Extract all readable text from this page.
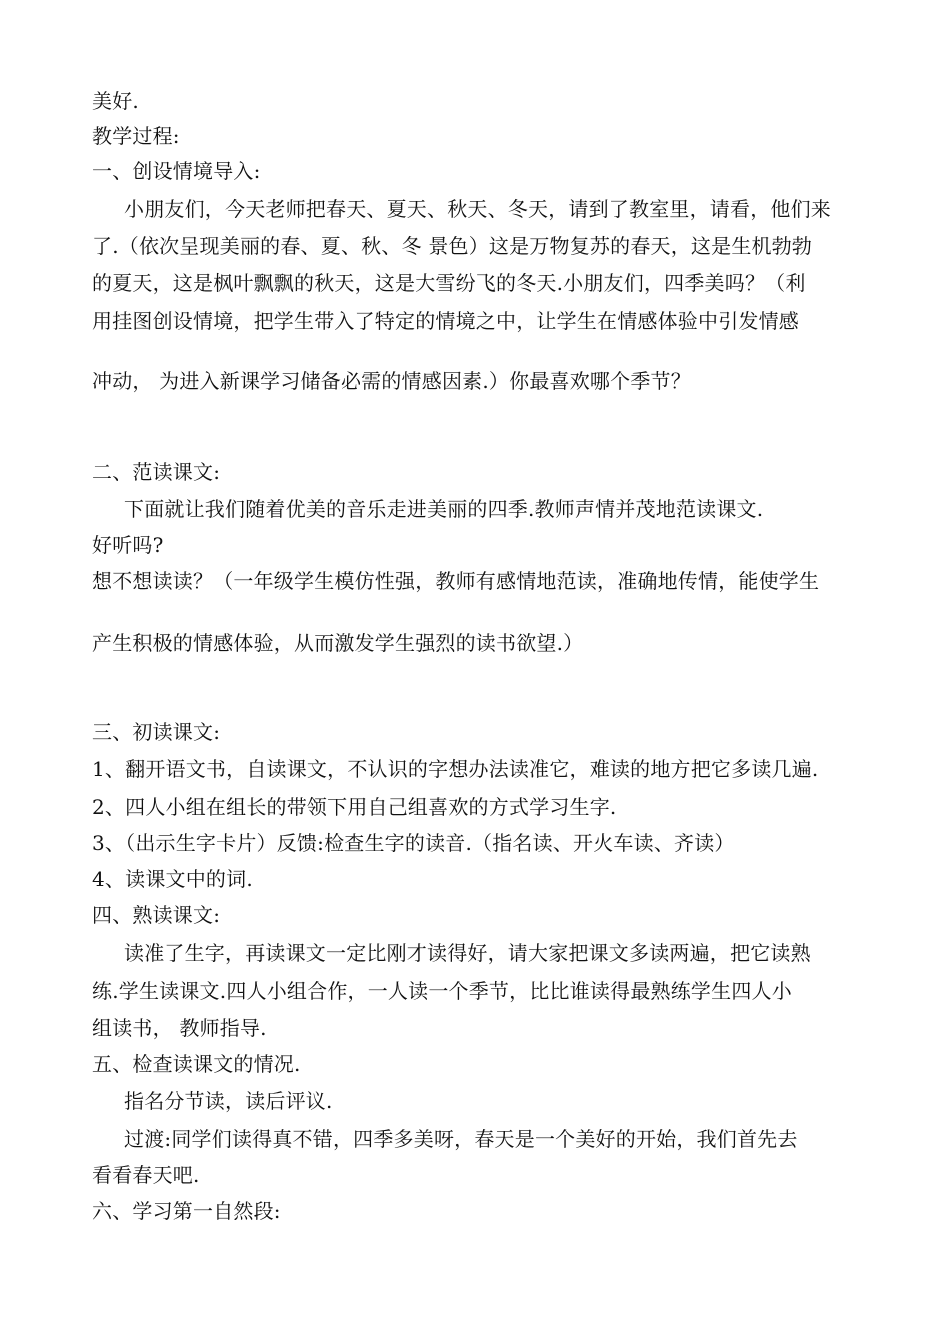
美好.
教学过程:
一、创设情境导入:
小朋友们，今天老师把春天、夏天、秋天、冬天，请到了教室里，请看，他们来
了.（依次呈现美丽的春、夏、秋、冬 景色）这是万物复苏的春天，这是生机勃勃
的夏天，这是枫叶飘飘的秋天，这是大雪纷飞的冬天.小朋友们，四季美吗？（利
用挂图创设情境，把学生带入了特定的情境之中，让学生在情感体验中引发情感
冲动， 为进入新课学习储备必需的情感因素.）你最喜欢哪个季节？
二、范读课文:
下面就让我们随着优美的音乐走进美丽的四季.教师声情并茂地范读课文.
好听吗?
想不想读读？（一年级学生模仿性强，教师有感情地范读，准确地传情，能使学生
产生积极的情感体验，从而激发学生强烈的读书欲望.）
三、初读课文:
1、翻开语文书，自读课文，不认识的字想办法读准它，难读的地方把它多读几遍.
2、四人小组在组长的带领下用自己组喜欢的方式学习生字.
3、（出示生字卡片）反馈:检查生字的读音.（指名读、开火车读、齐读）
4、读课文中的词.
四、熟读课文:
读准了生字，再读课文一定比刚才读得好，请大家把课文多读两遍，把它读熟
练.学生读课文.四人小组合作，一人读一个季节，比比谁读得最熟练学生四人小
组读书， 教师指导.
五、检查读课文的情况.
指名分节读，读后评议.
过渡:同学们读得真不错，四季多美呀，春天是一个美好的开始，我们首先去
看看春天吧.
六、学习第一自然段:
